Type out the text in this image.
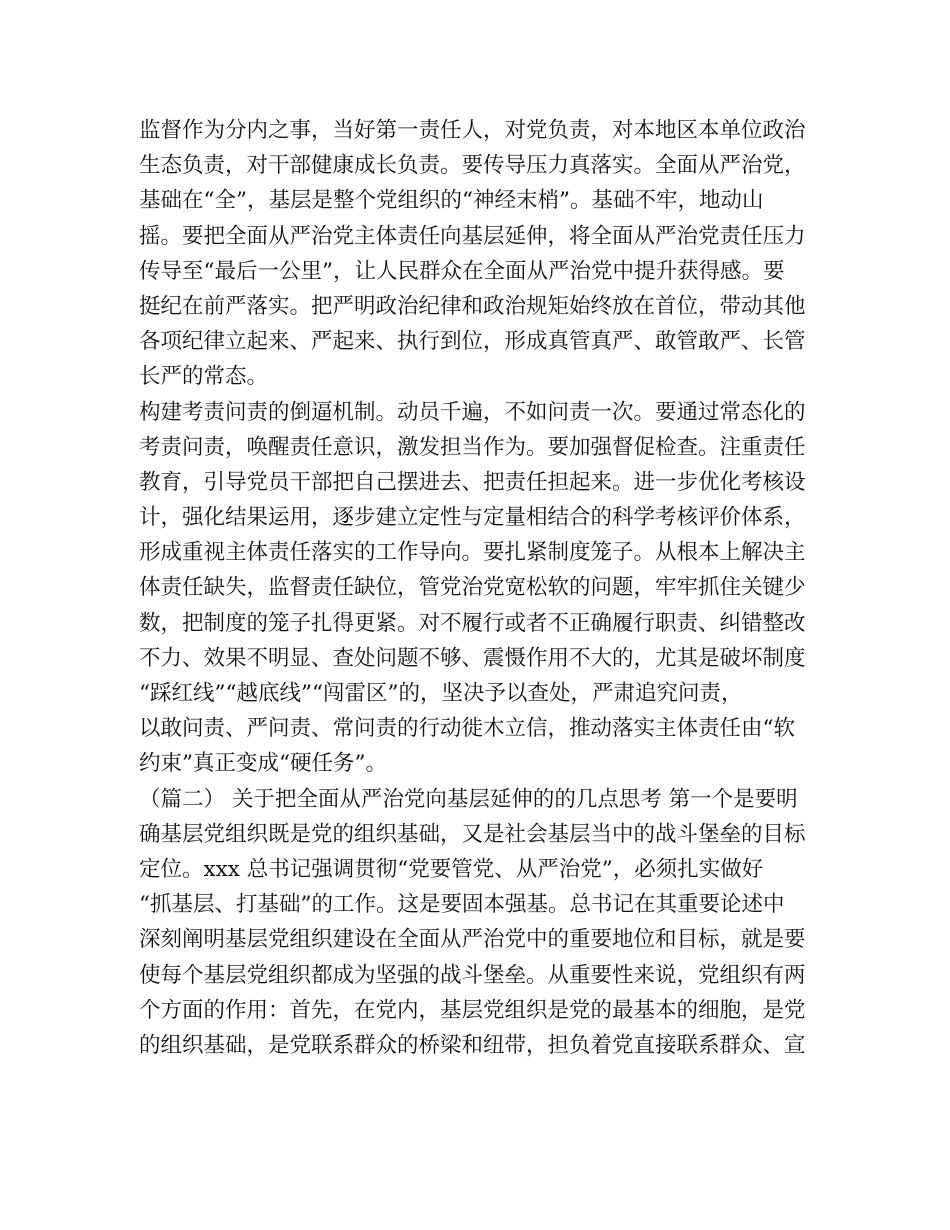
监督作为分内之事，当好第一责任人，对党负责，对本地区本单位政治
生态负责，对干部健康成长负责。要传导压力真落实。全面从严治党，
基础在“全”，基层是整个党组织的“神经末梢”。基础不牢，地动山
摇。要把全面从严治党主体责任向基层延伸，将全面从严治党责任压力
传导至“最后一公里”，让人民群众在全面从严治党中提升获得感。要
挺纪在前严落实。把严明政治纪律和政治规矩始终放在首位，带动其他
各项纪律立起来、严起来、执行到位，形成真管真严、敢管敢严、长管
长严的常态。
构建考责问责的倒逼机制。动员千遍，不如问责一次。要通过常态化的
考责问责，唤醒责任意识，激发担当作为。要加强督促检查。注重责任
教育，引导党员干部把自己摆进去、把责任担起来。进一步优化考核设
计，强化结果运用，逐步建立定性与定量相结合的科学考核评价体系，
形成重视主体责任落实的工作导向。要扎紧制度笼子。从根本上解决主
体责任缺失，监督责任缺位，管党治党宽松软的问题，牢牢抓住关键少
数，把制度的笼子扎得更紧。对不履行或者不正确履行职责、纠错整改
不力、效果不明显、查处问题不够、震慑作用不大的，尤其是破坏制度
“踩红线”“越底线”“闯雷区”的，坚决予以查处，严肃追究问责，
以敢问责、严问责、常问责的行动徙木立信，推动落实主体责任由“软
约束”真正变成“硬任务”。
（篇二） 关于把全面从严治党向基层延伸的的几点思考 第一个是要明
确基层党组织既是党的组织基础，又是社会基层当中的战斗堡垒的目标
定位。xxx 总书记强调贯彻“党要管党、从严治党”，必须扎实做好
“抓基层、打基础”的工作。这是要固本强基。总书记在其重要论述中
深刻阐明基层党组织建设在全面从严治党中的重要地位和目标，就是要
使每个基层党组织都成为坚强的战斗堡垒。从重要性来说，党组织有两
个方面的作用：首先，在党内，基层党组织是党的最基本的细胞，是党
的组织基础，是党联系群众的桥梁和纽带，担负着党直接联系群众、宣
